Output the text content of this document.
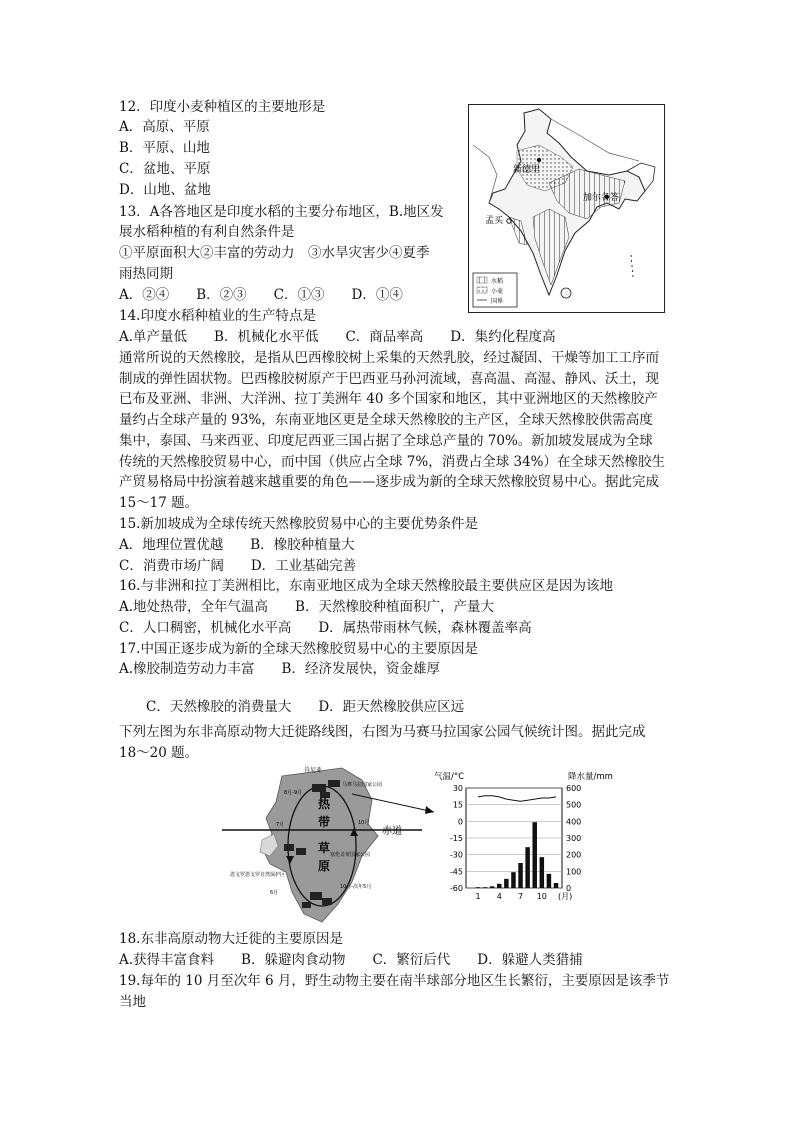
12．印度小麦种植区的主要地形是
A．高原、平原
B．平原、山地
C．盆地、平原
D．山地、盆地
13．A各答地区是印度水稻的主要分布地区，B.地区发
展水稻种植的有利自然条件是
①平原面积大②丰富的劳动力　③水旱灾害少④夏季
雨热同期
A．②④　　B．②③　　C．①③　　D．①④
新德里
加尔各答
孟买
水稻
小麦
国界
14.印度水稻种植业的生产特点是
A.单产量低　　B．机械化水平低　　C．商品率高　　D．集约化程度高
通常所说的天然橡胶，是指从巴西橡胶树上采集的天然乳胶，经过凝固、干燥等加工工序而
制成的弹性固状物。巴西橡胶树原产于巴西亚马孙河流域，喜高温、高湿、静风、沃土，现
已布及亚洲、非洲、大洋洲、拉丁美洲年 40 多个国家和地区，其中亚洲地区的天然橡胶产
量约占全球产量的 93%，东南亚地区更是全球天然橡胶的主产区，全球天然橡胶供需高度
集中，泰国、马来西亚、印度尼西亚三国占据了全球总产量的 70%。新加坡发展成为全球
传统的天然橡胶贸易中心，而中国（供应占全球 7%，消费占全球 34%）在全球天然橡胶生
产贸易格局中扮演着越来越重要的角色——逐步成为新的全球天然橡胶贸易中心。据此完成
15～17 题。
15.新加坡成为全球传统天然橡胶贸易中心的主要优势条件是
A．地理位置优越　　B．橡胶种植量大
C．消费市场广阔　　D．工业基础完善
16.与非洲和拉丁美洲相比，东南亚地区成为全球天然橡胶最主要供应区是因为该地
A.地处热带，全年气温高　　B．天然橡胶种植面积广，产量大
C．人口稠密，机械化水平高　　D．属热带雨林气候，森林覆盖率高
17.中国正逐步成为新的全球天然橡胶贸易中心的主要原因是
A.橡胶制造劳动力丰富　　B．经济发展快，资金雄厚
C．天然橡胶的消费量大　　D．距天然橡胶供应区远
下列左图为东非高原动物大迁徙路线图，右图为马赛马拉国家公园气候统计图。据此完成
18～20 题。
赤道
肯尼亚
马赛马拉国家公园
塞伦盖蒂国家公园
恩戈罗恩戈罗自然保护区
热
带
草
原
8月-9月
7月	10月
6月
10月-次年5月
气温/°C	降水量/mm
30
15
0
-15
-30
-45
-60
600
500
400
300
200
100
0
1 4 7 10 (月)
18.东非高原动物大迁徙的主要原因是
A.获得丰富食料　　B．躲避肉食动物　　C．繁衍后代　　D．躲避人类猎捕
19.每年的 10 月至次年 6 月，野生动物主要在南半球部分地区生长繁衍，主要原因是该季节
当地
